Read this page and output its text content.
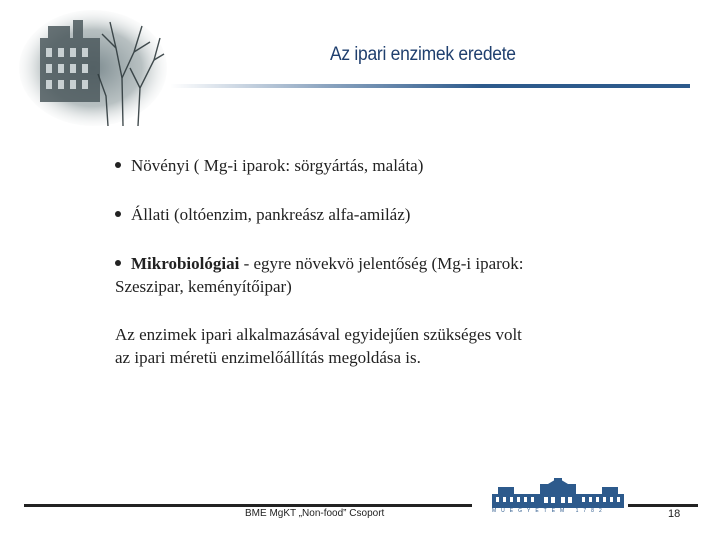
Az ipari enzimek eredete
Növényi ( Mg-i iparok: sörgyártás, maláta)
Állati (oltóenzim, pankreász alfa-amiláz)
Mikrobiológiai - egyre növekvö jelentőség (Mg-i iparok:
Szeszipar, keményítőipar)
Az enzimek ipari alkalmazásával egyidejűen szükséges volt
az ipari méretü enzimelőállítás megoldása is.
BME MgKT „Non-food” Csoport	MŰEGYETEM 1782	18
